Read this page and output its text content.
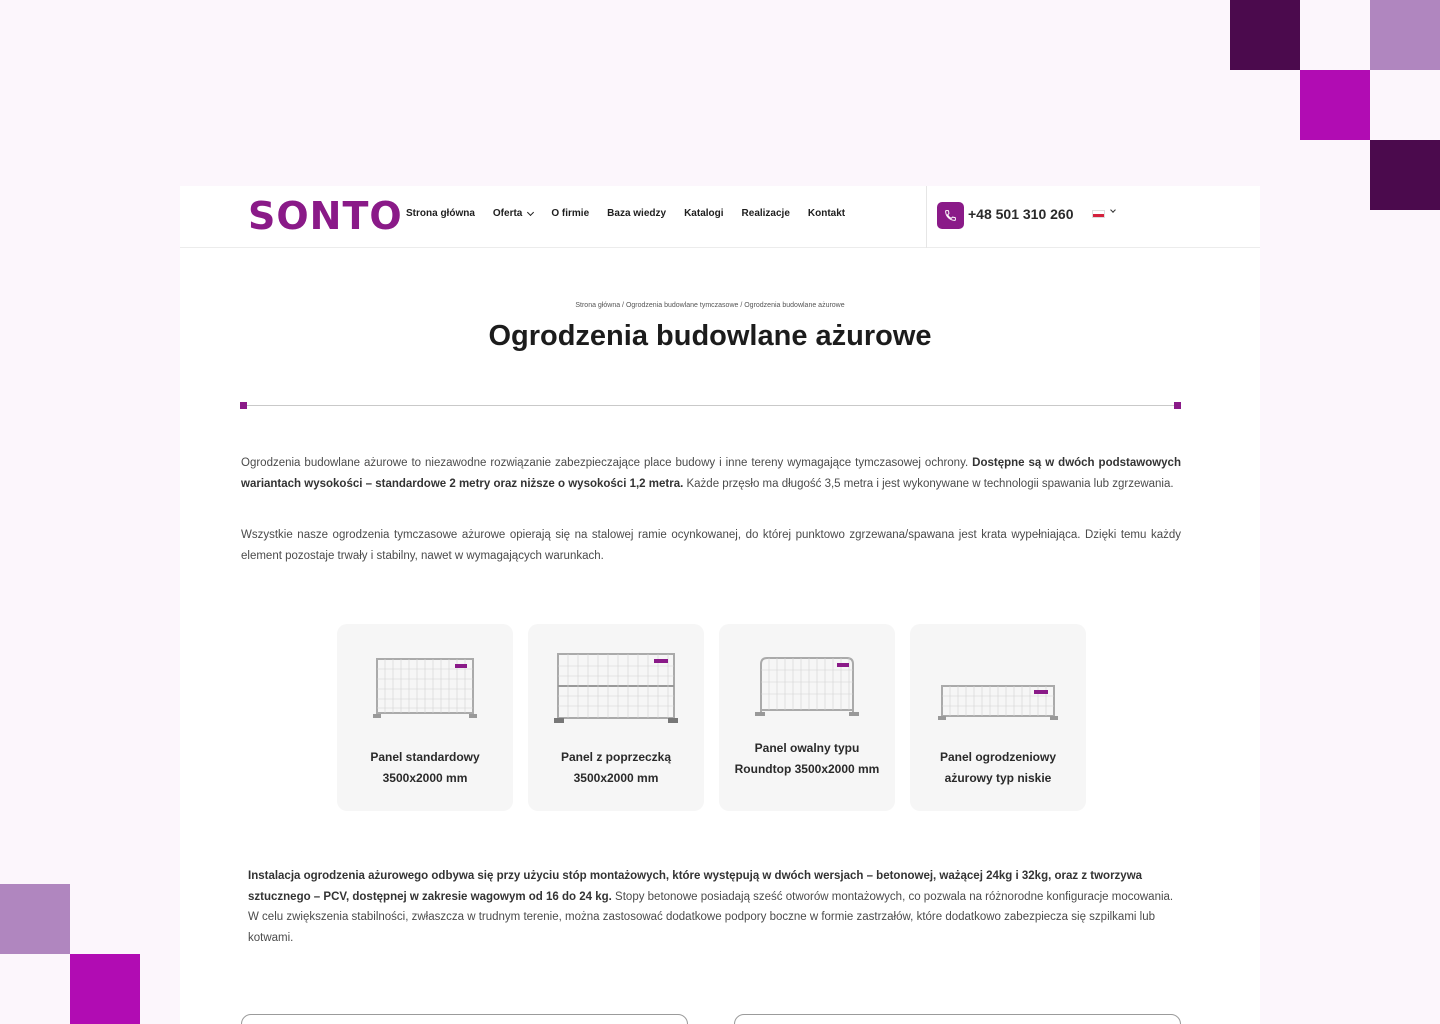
SONTO Strona główna Oferta	O firmie Baza wiedzy Katalogi Realizacje Kontakt	+48 501 310 260
Strona główna / Ogrodzenia budowlane tymczasowe / Ogrodzenia budowlane ażurowe
Ogrodzenia budowlane ażurowe

Ogrodzenia budowlane ażurowe to niezawodne rozwiązanie zabezpieczające place budowy i inne tereny wymagające tymczasowej ochrony. Dostępne są w dwóch podstawowych wariantach wysokości – standardowe 2 metry oraz niższe o wysokości 1,2 metra. Każde przęsło ma długość 3,5 metra i jest wykonywane w technologii spawania lub zgrzewania.

Wszystkie nasze ogrodzenia tymczasowe ażurowe opierają się na stalowej ramie ocynkowanej, do której punktowo zgrzewana/spawana jest krata wypełniająca. Dzięki temu każdy element pozostaje trwały i stabilny, nawet w wymagających warunkach.

Panel standardowy
3500x2000 mm
Panel z poprzeczką
3500x2000 mm
Panel owalny typu
Roundtop 3500x2000 mm
Panel ogrodzeniowy
ażurowy typ niskie

Instalacja ogrodzenia ażurowego odbywa się przy użyciu stóp montażowych, które występują w dwóch wersjach – betonowej, ważącej 24kg i 32kg, oraz z tworzywa sztucznego – PCV, dostępnej w zakresie wagowym od 16 do 24 kg. Stopy betonowe posiadają sześć otworów montażowych, co pozwala na różnorodne konfiguracje mocowania. W celu zwiększenia stabilności, zwłaszcza w trudnym terenie, można zastosować dodatkowe podpory boczne w formie zastrzałów, które dodatkowo zabezpiecza się szpilkami lub kotwami.
